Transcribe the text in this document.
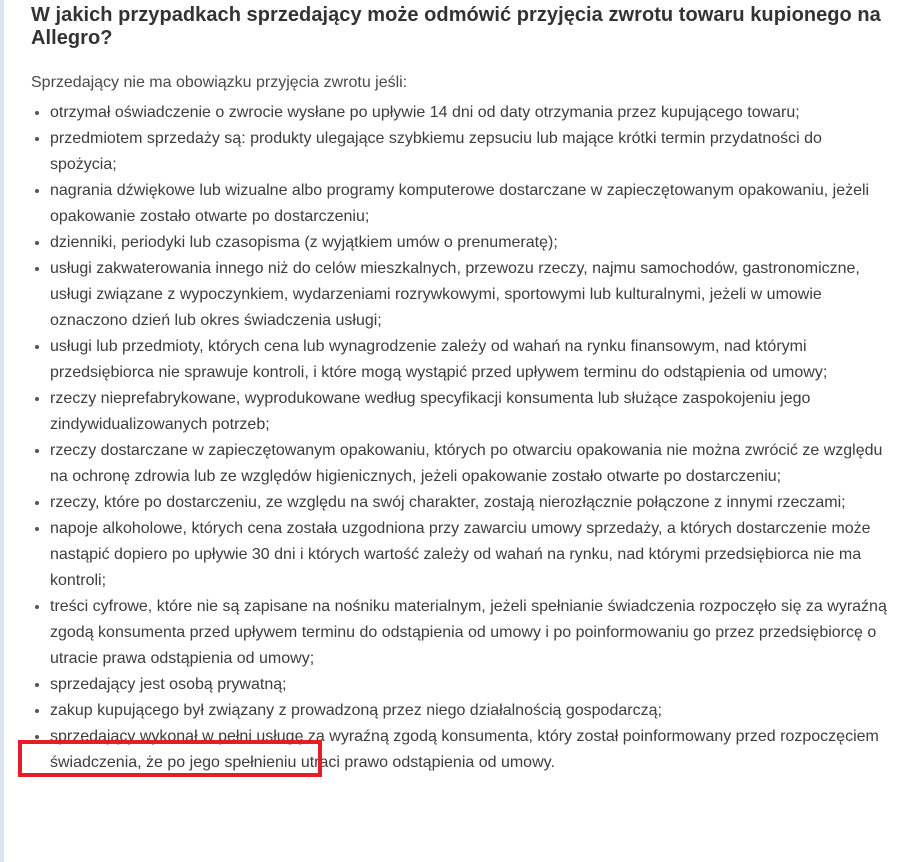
W jakich przypadkach sprzedający może odmówić przyjęcia zwrotu towaru kupionego na Allegro?

Sprzedający nie ma obowiązku przyjęcia zwrotu jeśli:

• otrzymał oświadczenie o zwrocie wysłane po upływie 14 dni od daty otrzymania przez kupującego towaru;
• przedmiotem sprzedaży są: produkty ulegające szybkiemu zepsuciu lub mające krótki termin przydatności do spożycia;
• nagrania dźwiękowe lub wizualne albo programy komputerowe dostarczane w zapieczętowanym opakowaniu, jeżeli opakowanie zostało otwarte po dostarczeniu;
• dzienniki, periodyki lub czasopisma (z wyjątkiem umów o prenumeratę);
• usługi zakwaterowania innego niż do celów mieszkalnych, przewozu rzeczy, najmu samochodów, gastronomiczne, usługi związane z wypoczynkiem, wydarzeniami rozrywkowymi, sportowymi lub kulturalnymi, jeżeli w umowie oznaczono dzień lub okres świadczenia usługi;
• usługi lub przedmioty, których cena lub wynagrodzenie zależy od wahań na rynku finansowym, nad którymi przedsiębiorca nie sprawuje kontroli, i które mogą wystąpić przed upływem terminu do odstąpienia od umowy;
• rzeczy nieprefabrykowane, wyprodukowane według specyfikacji konsumenta lub służące zaspokojeniu jego zindywidualizowanych potrzeb;
• rzeczy dostarczane w zapieczętowanym opakowaniu, których po otwarciu opakowania nie można zwrócić ze względu na ochronę zdrowia lub ze względów higienicznych, jeżeli opakowanie zostało otwarte po dostarczeniu;
• rzeczy, które po dostarczeniu, ze względu na swój charakter, zostają nierozłącznie połączone z innymi rzeczami;
• napoje alkoholowe, których cena została uzgodniona przy zawarciu umowy sprzedaży, a których dostarczenie może nastąpić dopiero po upływie 30 dni i których wartość zależy od wahań na rynku, nad którymi przedsiębiorca nie ma kontroli;
• treści cyfrowe, które nie są zapisane na nośniku materialnym, jeżeli spełnianie świadczenia rozpoczęło się za wyraźną zgodą konsumenta przed upływem terminu do odstąpienia od umowy i po poinformowaniu go przez przedsiębiorcę o utracie prawa odstąpienia od umowy;
• sprzedający jest osobą prywatną;
• zakup kupującego był związany z prowadzoną przez niego działalnością gospodarczą;
• sprzedający wykonał w pełni usługę za wyraźną zgodą konsumenta, który został poinformowany przed rozpoczęciem świadczenia, że po jego spełnieniu utraci prawo odstąpienia od umowy.
